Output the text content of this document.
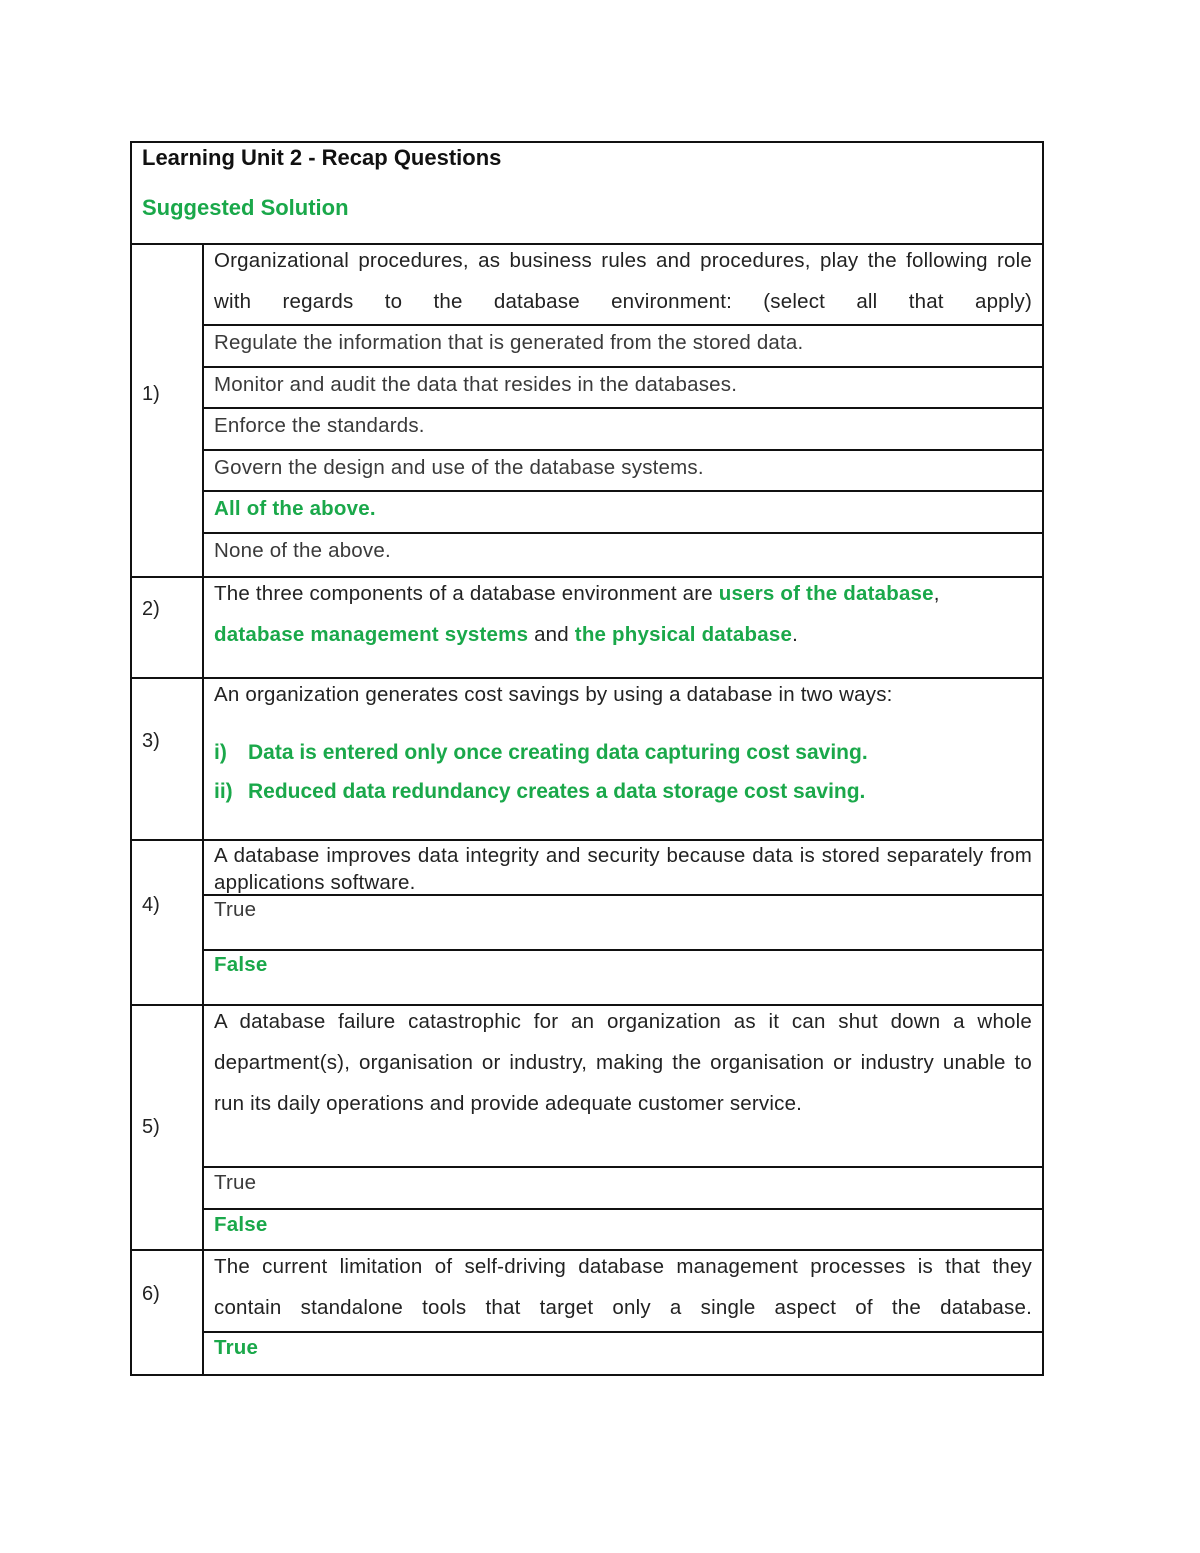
Learning Unit 2 - Recap Questions
Suggested Solution
1)
Organizational procedures, as business rules and procedures, play the following role with regards to the database environment: (select all that apply)
Regulate the information that is generated from the stored data.
Monitor and audit the data that resides in the databases.
Enforce the standards.
Govern the design and use of the database systems.
All of the above.
None of the above.
2)
The three components of a database environment are users of the database,
database management systems and the physical database.
3)
An organization generates cost savings by using a database in two ways:
i) Data is entered only once creating data capturing cost saving.
ii) Reduced data redundancy creates a data storage cost saving.
4)
A database improves data integrity and security because data is stored separately from applications software.
True
False
5)
A database failure catastrophic for an organization as it can shut down a whole department(s), organisation or industry, making the organisation or industry unable to run its daily operations and provide adequate customer service.
True
False
6)
The current limitation of self-driving database management processes is that they contain standalone tools that target only a single aspect of the database.
True
